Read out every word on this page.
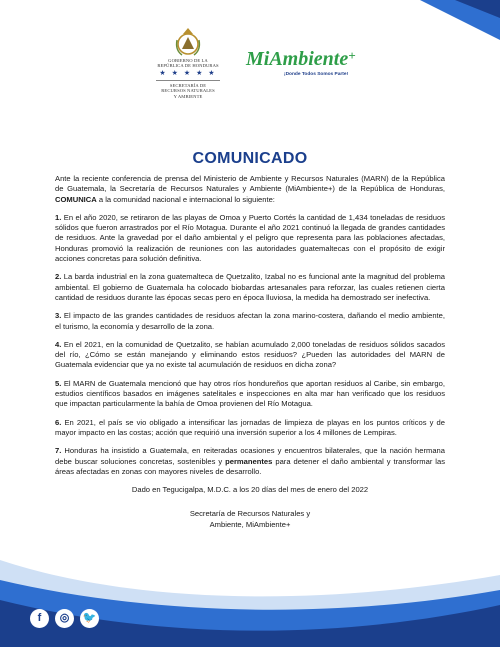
GOBIERNO DE LA
REPÚBLICA DE HONDURAS
★ ★ ★ ★ ★
SECRETARÍA DE
RECURSOS NATURALES
Y AMBIENTE
MiAmbiente+
¡Donde Todos Somos Parte!
COMUNICADO

Ante la reciente conferencia de prensa del Ministerio de Ambiente y Recursos Naturales (MARN) de la República de Guatemala, la Secretaría de Recursos Naturales y Ambiente (MiAmbiente+) de la República de Honduras, COMUNICA a la comunidad nacional e internacional lo siguiente:

1. En el año 2020, se retiraron de las playas de Omoa y Puerto Cortés la cantidad de 1,434 toneladas de residuos sólidos que fueron arrastrados por el Río Motagua. Durante el año 2021 continuó la llegada de grandes cantidades de residuos. Ante la gravedad por el daño ambiental y el peligro que representa para las poblaciones afectadas, Honduras promovió la realización de reuniones con las autoridades guatemaltecas con el propósito de exigir acciones concretas para solución definitiva.

2. La barda industrial en la zona guatemalteca de Quetzalito, Izabal no es funcional ante la magnitud del problema ambiental. El gobierno de Guatemala ha colocado biobardas artesanales para reforzar, las cuales retienen cierta cantidad de residuos durante las épocas secas pero en época lluviosa, la medida ha demostrado ser inefectiva.

3. El impacto de las grandes cantidades de residuos afectan la zona marino-costera, dañando el medio ambiente, el turismo, la economía y desarrollo de la zona.

4. En el 2021, en la comunidad de Quetzalito, se habían acumulado 2,000 toneladas de residuos sólidos sacados del río, ¿Cómo se están manejando y eliminando estos residuos? ¿Pueden las autoridades del MARN de Guatemala evidenciar que ya no existe tal acumulación de residuos en dicha zona?

5. El MARN de Guatemala mencionó que hay otros ríos hondureños que aportan residuos al Caribe, sin embargo, estudios científicos basados en imágenes satelitales e inspecciones en alta mar han verificado que los residuos que impactan particularmente la bahía de Omoa provienen del Río Motagua.

6. En 2021, el país se vio obligado a intensificar las jornadas de limpieza de playas en los puntos críticos y de mayor impacto en las costas; acción que requirió una inversión superior a los 4 millones de Lempiras.

7. Honduras ha insistido a Guatemala, en reiteradas ocasiones y encuentros bilaterales, que la nación hermana debe buscar soluciones concretas, sostenibles y permanentes para detener el daño ambiental y transformar las áreas afectadas en zonas con mayores niveles de desarrollo.

Dado en Tegucigalpa, M.D.C. a los 20 días del mes de enero del 2022

Secretaría de Recursos Naturales y
Ambiente, MiAmbiente+

f ◎ 🐦
